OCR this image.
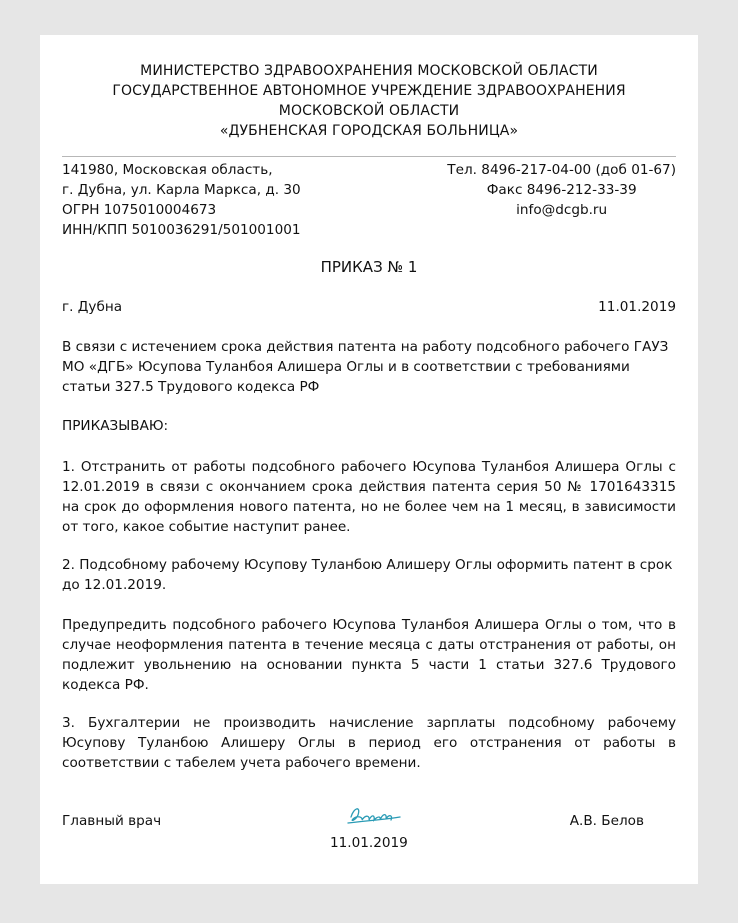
МИНИСТЕРСТВО ЗДРАВООХРАНЕНИЯ МОСКОВСКОЙ ОБЛАСТИ
ГОСУДАРСТВЕННОЕ АВТОНОМНОЕ УЧРЕЖДЕНИЕ ЗДРАВООХРАНЕНИЯ
МОСКОВСКОЙ ОБЛАСТИ
«ДУБНЕНСКАЯ ГОРОДСКАЯ БОЛЬНИЦА»
141980, Московская область,
г. Дубна, ул. Карла Маркса, д. 30
ОГРН 1075010004673
ИНН/КПП 5010036291/501001001
Тел. 8496-217-04-00 (доб 01-67)
Факс 8496-212-33-39
info@dcgb.ru
ПРИКАЗ № 1
г. Дубна	11.01.2019
В связи с истечением срока действия патента на работу подсобного рабочего ГАУЗ МО «ДГБ» Юсупова Туланбоя Алишера Оглы и в соответствии с требованиями статьи 327.5 Трудового кодекса РФ
ПРИКАЗЫВАЮ:
1. Отстранить от работы подсобного рабочего Юсупова Туланбоя Алишера Оглы с 12.01.2019 в связи с окончанием срока действия патента серия 50 № 1701643315 на срок до оформления нового патента, но не более чем на 1 месяц, в зависимости от того, какое событие наступит ранее.
2. Подсобному рабочему Юсупову Туланбою Алишеру Оглы оформить патент в срок до 12.01.2019.
Предупредить подсобного рабочего Юсупова Туланбоя Алишера Оглы о том, что в случае неоформления патента в течение месяца с даты отстранения от работы, он подлежит увольнению на основании пункта 5 части 1 статьи 327.6 Трудового кодекса РФ.
3. Бухгалтерии не производить начисление зарплаты подсобному рабочему Юсупову Туланбою Алишеру Оглы в период его отстранения от работы в соответствии с табелем учета рабочего времени.
Главный врач
11.01.2019
А.В. Белов
